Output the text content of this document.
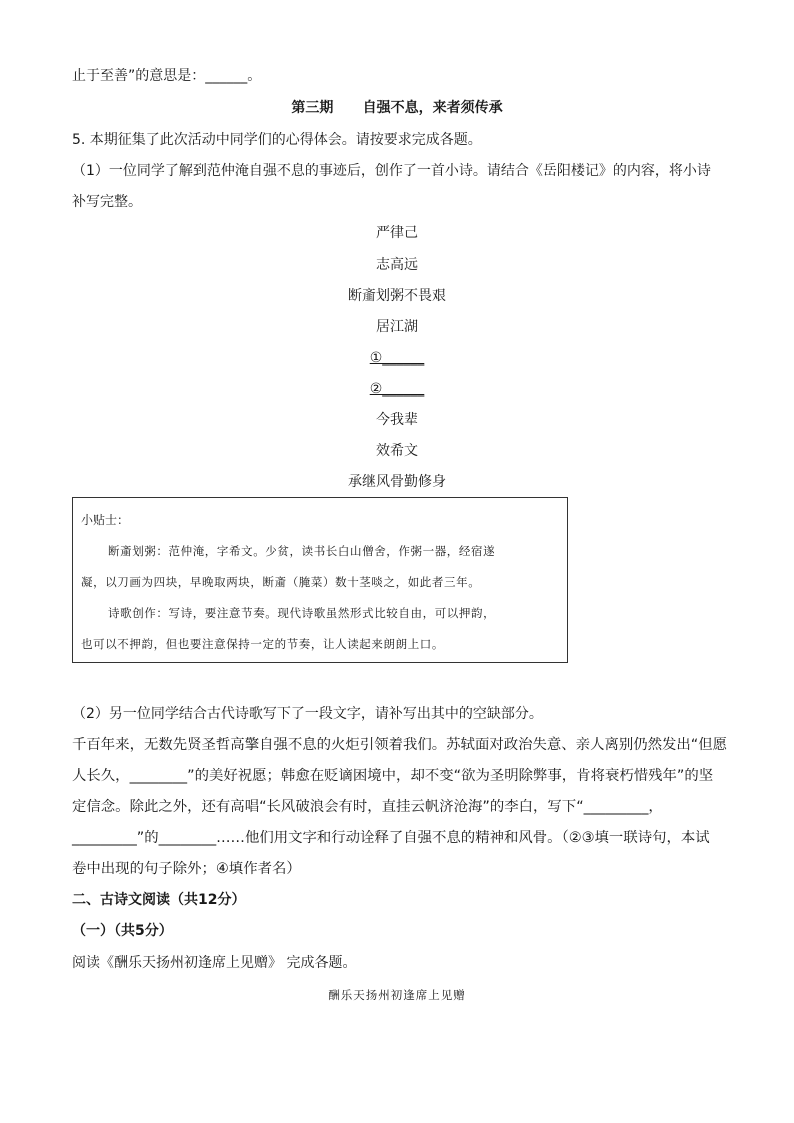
止于至善”的意思是：______。
第三期      自强不息，来者须传承
5. 本期征集了此次活动中同学们的心得体会。请按要求完成各题。
（1）一位同学了解到范仲淹自强不息的事迹后，创作了一首小诗。请结合《岳阳楼记》的内容，将小诗
补写完整。
严律己
志高远
断齑划粥不畏艰
居江湖
①______
②______
今我辈
效希文
承继风骨勤修身
小贴士：
断齑划粥：范仲淹，字希文。少贫，读书长白山僧舍，作粥一器，经宿遂
凝，以刀画为四块，早晚取两块，断齑（腌菜）数十茎啖之，如此者三年。
诗歌创作：写诗，要注意节奏。现代诗歌虽然形式比较自由，可以押韵，
也可以不押韵，但也要注意保持一定的节奏，让人读起来朗朗上口。
（2）另一位同学结合古代诗歌写下了一段文字，请补写出其中的空缺部分。
千百年来，无数先贤圣哲高擎自强不息的火炬引领着我们。苏轼面对政治失意、亲人离别仍然发出“但愿
人长久，________”的美好祝愿；韩愈在贬谪困境中，却不变“欲为圣明除弊事，肯将衰朽惜残年”的坚
定信念。除此之外，还有高唱“长风破浪会有时，直挂云帆济沧海”的李白，写下“_________，
_________”的________……他们用文字和行动诠释了自强不息的精神和风骨。（②③填一联诗句，本试
卷中出现的句子除外；④填作者名）
二、古诗文阅读（共12分）
（一）（共5分）
阅读《酬乐天扬州初逢席上见赠》 完成各题。
酬乐天扬州初逢席上见赠
